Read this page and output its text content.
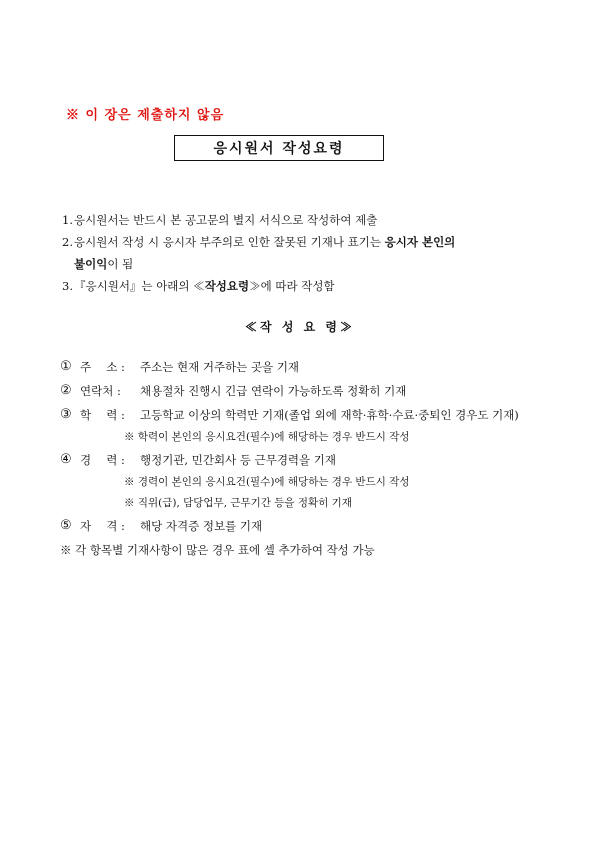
※ 이 장은 제출하지 않음
응시원서 작성요령
1. 응시원서는 반드시 본 공고문의 별지 서식으로 작성하여 제출
2. 응시원서 작성 시 응시자 부주의로 인한 잘못된 기재나 표기는 응시자 본인의
불이익이 됨
3. 『응시원서』는 아래의 ≪작성요령≫에 따라 작성함
≪작 성 요 령≫
① 주　 소 :	주소는 현재 거주하는 곳을 기재
② 연락처 :	채용절차 진행시 긴급 연락이 가능하도록 정확히 기재
③ 학　 력 :	고등학교 이상의 학력만 기재(졸업 외에 재학·휴학·수료·중퇴인 경우도 기재)
※ 학력이 본인의 응시요건(필수)에 해당하는 경우 반드시 작성
④ 경　 력 :	행정기관, 민간회사 등 근무경력을 기재
※ 경력이 본인의 응시요건(필수)에 해당하는 경우 반드시 작성
※ 직위(급), 담당업무, 근무기간 등을 정확히 기재
⑤ 자　 격 :	해당 자격증 정보를 기재
※ 각 항목별 기재사항이 많은 경우 표에 셀 추가하여 작성 가능
